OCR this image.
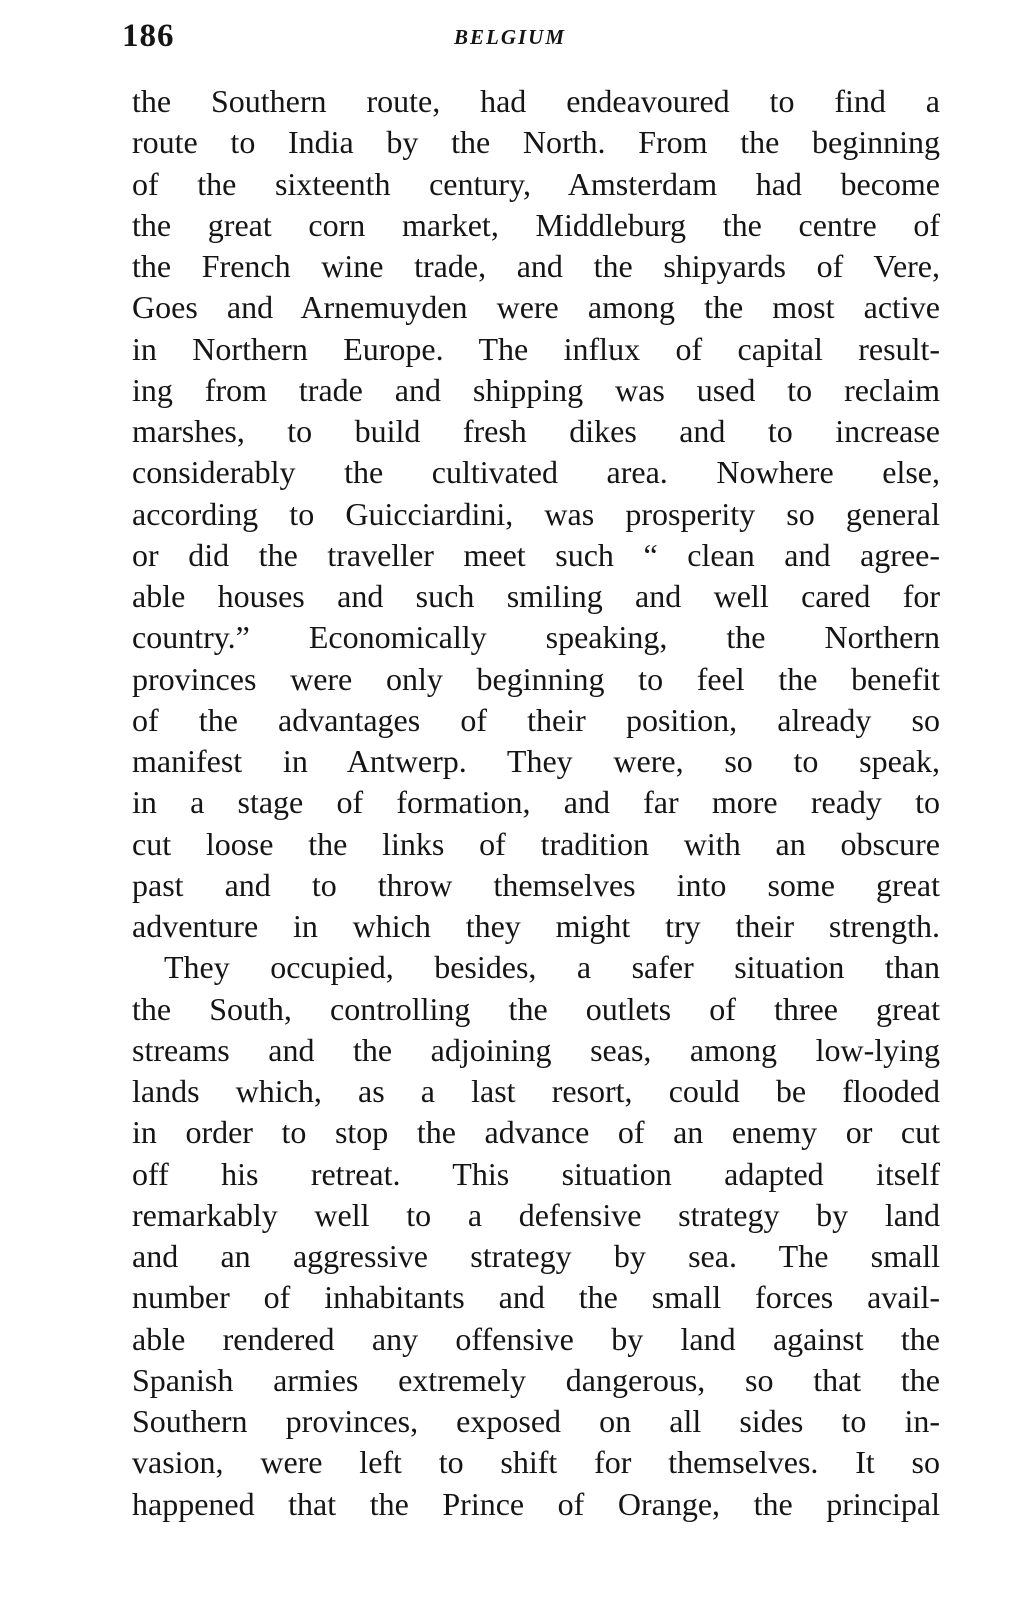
186	BELGIUM
the Southern route, had endeavoured to find a
route to India by the North. From the beginning
of the sixteenth century, Amsterdam had become
the great corn market, Middleburg the centre of
the French wine trade, and the shipyards of Vere,
Goes and Arnemuyden were among the most active
in Northern Europe. The influx of capital result-
ing from trade and shipping was used to reclaim
marshes, to build fresh dikes and to increase
considerably the cultivated area. Nowhere else,
according to Guicciardini, was prosperity so general
or did the traveller meet such “ clean and agree-
able houses and such smiling and well cared for
country.” Economically speaking, the Northern
provinces were only beginning to feel the benefit
of the advantages of their position, already so
manifest in Antwerp. They were, so to speak,
in a stage of formation, and far more ready to
cut loose the links of tradition with an obscure
past and to throw themselves into some great
adventure in which they might try their strength.
They occupied, besides, a safer situation than
the South, controlling the outlets of three great
streams and the adjoining seas, among low-lying
lands which, as a last resort, could be flooded
in order to stop the advance of an enemy or cut
off his retreat. This situation adapted itself
remarkably well to a defensive strategy by land
and an aggressive strategy by sea. The small
number of inhabitants and the small forces avail-
able rendered any offensive by land against the
Spanish armies extremely dangerous, so that the
Southern provinces, exposed on all sides to in-
vasion, were left to shift for themselves. It so
happened that the Prince of Orange, the principal
